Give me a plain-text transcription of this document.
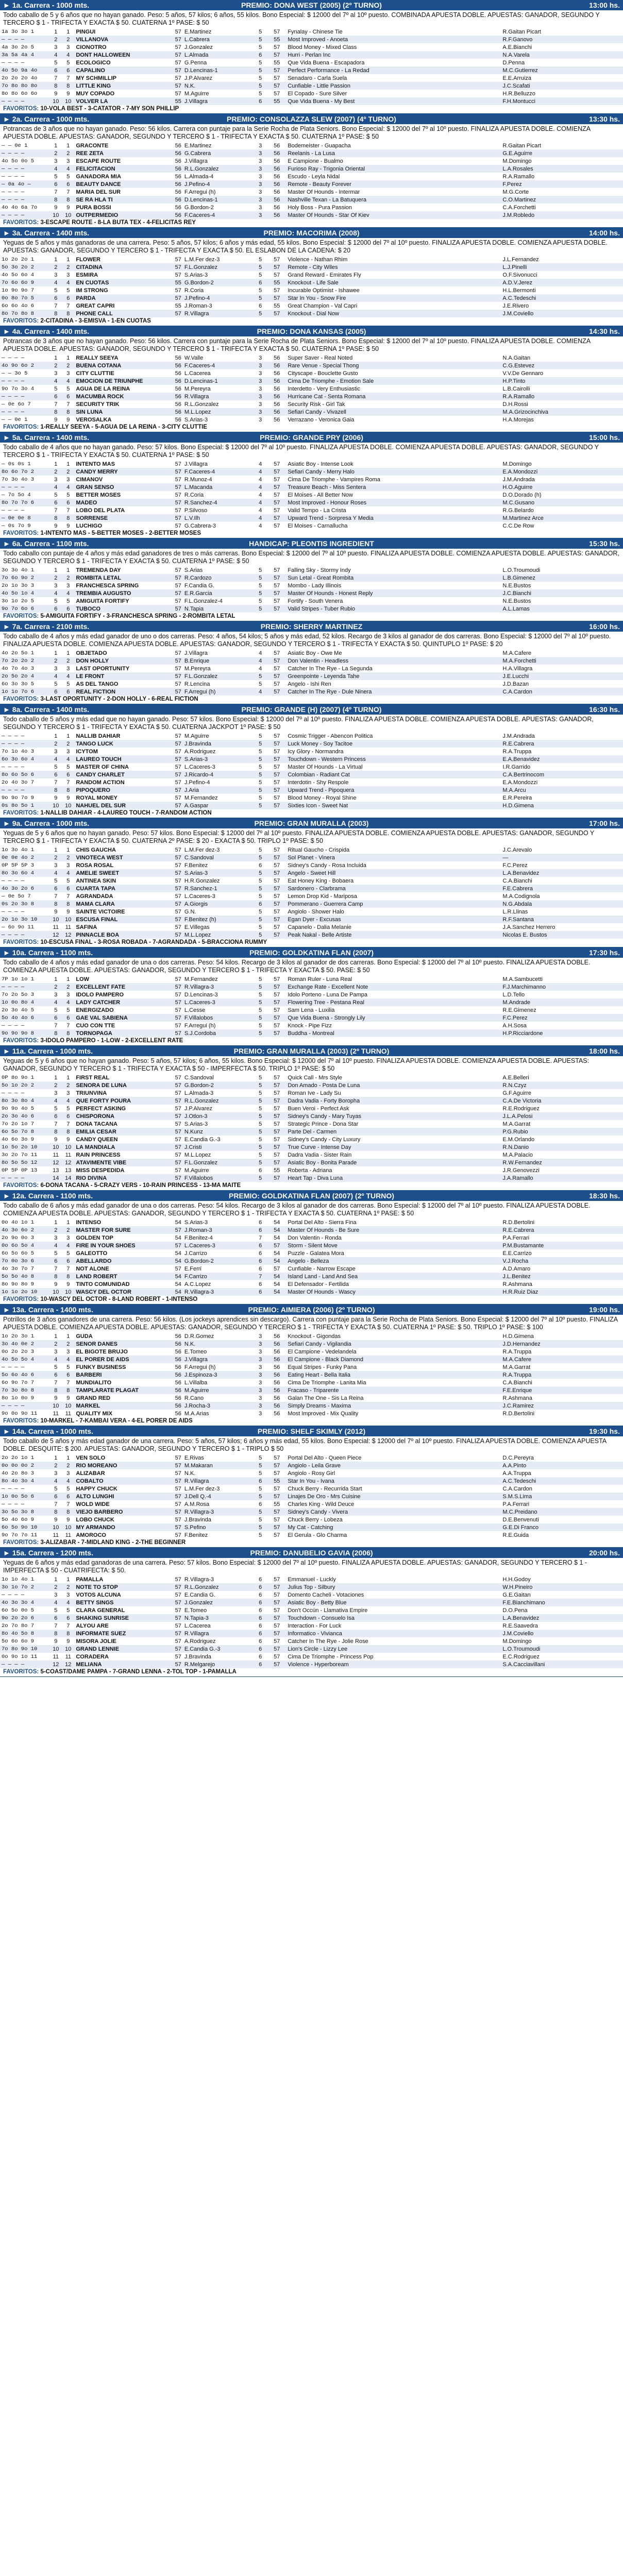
► 1a. Carrera - 1000 mts.	PREMIO: DONA WEST (2005) (2º TURNO)	13:00 hs.
Todo caballo de 5 y 6 años que no hayan ganado. Peso: 5 años, 57 kilos; 6 años, 55 kilos. Bono Especial: $ 12000 del 7º al 10º puesto. COMBINADA APUESTA DOBLE. APUESTAS: GANADOR, SEGUNDO Y TERCERO $ 1 - TRIFECTA Y EXACTA $ 50. CUATERNA 1º PASE: $ 50
1a 3o 3o 1	1	1	PINGUI	57	E.Martinez	5	57	Fynalay - Chinese Tie	R.Gaitan Picart
— — — —	2	2	VILLANOVA	57	L.Cabrera	5	55	Most Improved - Anoeta	R.F.Ganovo
4a 3o 2o 5	3	3	CIONOTRO	57	J.Gonzalez	5	57	Blood Money - Mixed Class	A.E.Bianchi
3a 5a 4a 4	4	4	DONT HALLOWEEN	57	L.Almada	6	57	Hurri - Perlan Inc	N.A.Varela
— — — —	5	5	ECOLOGICO	57	G.Penna	5	55	Que Vida Buena - Escapadora	D.Penna
4o 5o 9a 4o	6	6	CAPALINO	57	D.Lencinas-1	5	57	Perfect Performance - La Redad	M.C.Gutierrez
2o 2o 2o 4o	7	7	MY SCHMILLIP	57	J.P.Alvarez	5	57	Senadaro - Carla Suela	E.E.Arruiza
7o 8o 8o 8o	8	8	LITTLE KING	57	N.K.	5	57	Cunfiable - Little Passion	J.C.Scafati
8o 8o 6o 6o	9	9	MUY COPADO	57	M.Aguirre	5	57	El Copado - Sure Silver	H.R.Belluzzo
— — — —	10	10	VOLVER LA	55	J.Villagra	6	55	Que Vida Buena - My Best	F.H.Montucci
FAVORITOS: 10-VOLA BEST - 3-CATATOR - 7-MY SON PHILLIP
► 2a. Carrera - 1000 mts.	PREMIO: CONSOLAZZA SLEW (2007) (4º TURNO)	13:30 hs.
Potrancas de 3 años que no hayan ganado. Peso: 56 kilos. Carrera con puntaje para la Serie Rocha de Plata Seniors. Bono Especial: $ 12000 del 7º al 10º puesto. FINALIZA APUESTA DOBLE. COMIENZA APUESTA DOBLE. APUESTAS: GANADOR, SEGUNDO Y TERCERO $ 1 - TRIFECTA Y EXACTA $ 50. CUATERNA 1º PASE: $ 50
— — 0e 1	1	1	GRACONTE	56	E.Martinez	3	56	Bodemeister - Guapacha	R.Gaitan Picart
— — — —	2	2	REE ZETA	56	G.Cabrera	3	56	Reelanis - La Lusa	G.E.Aguirre
4o 5o 0o 5	3	3	ESCAPE ROUTE	56	J.Villagra	3	56	E Campione - Bualmo	M.Domingo
— — — —	4	4	FELICITACION	56	R.L.Gonzalez	3	56	Furioso Ray - Trigonia Oriental	L.A.Rosales
— — — —	5	5	GANADORA MIA	56	L.Almada-4	3	56	Escudo - Leyla Nidal	R.A.Ramallo
— 0a 4o —	6	6	BEAUTY DANCE	56	J.Pefino-4	3	56	Remote - Beauty Forever	F.Perez
— — — —	7	7	MARIA DEL SUR	56	F.Arregui (h)	3	56	Master Of Hounds - Intermar	M.G.Corte
— — — —	8	8	SE RA HLA TI	56	D.Lencinas-1	3	56	Nashville Texan - La Batuquera	C.O.Martinez
4o 4o 6a 7o	9	9	PURA BOSSI	56	G.Bordon-2	3	56	Holy Boss - Pura Passion	C.A.Forchetti
— — — —	10	10	OUTPERMEDIO	56	F.Caceres-4	3	56	Master Of Hounds - Star Of Kiev	J.M.Robledo
FAVORITOS: 3-ESCAPE ROUTE - 8-LA BUTA TEX - 4-FELICITAS REY
► 3a. Carrera - 1400 mts.	PREMIO: MACORIMA (2008)	14:00 hs.
Yeguas de 5 años y más ganadoras de una carrera. Peso: 5 años, 57 kilos; 6 años y más edad, 55 kilos. Bono Especial: $ 12000 del 7º al 10º puesto. FINALIZA APUESTA DOBLE. COMIENZA APUESTA DOBLE. APUESTAS: GANADOR, SEGUNDO Y TERCERO $ 1 - TRIFECTA Y EXACTA $ 50. EL ESLABON DE LA CADENA: $ 20
1o 2o 2o 1	1	1	FLOWER	57	L.M.Fer dez-3	5	57	Violence - Nathan Rhim	J.L.Fernandez
5o 3o 2o 2	2	2	CITADINA	57	F.L.Gonzalez	5	57	Remote - City Wiles	L.J.Pinelli
4o 5o 6o 4	3	3	ESMIRA	57	S.Arias-3	5	57	Grand Reward - Emirates Fly	O.F.Sivonucci
7o 6o 6o 9	4	4	EN CUOTAS	55	G.Bordon-2	6	55	Knockout - Life Sale	A.D.V.Jerez
1o 9o 9o 7	5	5	IM STRONG	57	R.Coria	5	57	Incurable Optimist - Ishawee	H.L.Bermonti
0o 8o 7o 5	6	6	PARDA	57	J.Pefino-4	5	57	Star In You - Snow Fire	A.C.Tedeschi
6o 6o 4o 6	7	7	GREAT CAPRI	55	J.Roman-3	6	55	Great Champion - Val Capri	J.E.Rivero
8o 7o 8o 8	8	8	PHONE CALL	57	R.Villagra	5	57	Knockout - Dial Now	J.M.Coviello
FAVORITOS: 2-CITADINA - 3-EMISVA - 1-EN CUOTAS
► 4a. Carrera - 1400 mts.	PREMIO: DONA KANSAS (2005)	14:30 hs.
Potrancas de 3 años que no hayan ganado. Peso: 56 kilos. Carrera con puntaje para la Serie Rocha de Plata Seniors. Bono Especial: $ 12000 del 7º al 10º puesto. FINALIZA APUESTA DOBLE. COMIENZA APUESTA DOBLE. APUESTAS: GANADOR, SEGUNDO Y TERCERO $ 1 - TRIFECTA Y EXACTA $ 50. CUATERNA 1º PASE: $ 50
— — — —	1	1	REALLY SEEYA	56	W.Valle	3	56	Super Saver - Real Noted	N.A.Gaitan
4o 9o 6o 2	2	2	BUENA COTANA	56	F.Caceres-4	3	56	Rare Venue - Special Thong	C.G.Estevez
— — 3o 5	3	3	CITY CLUTTIE	56	L.Cacerea	3	56	Cityscape - Bouclette Gusto	V.V.De Gennaro
— — — —	4	4	EMOCION DE TRIUNPHE	56	D.Lencinas-1	3	56	Cima De Triomphe - Emotion Sale	H.P.Tinto
9o 7o 3o 4	5	5	AGUA DE LA REINA	56	M.Pereyra	3	56	Interdetto - Very Enthusiastic	L.B.Cairolli
— — — —	6	6	MACUMBA ROCK	56	R.Villagra	3	56	Hurricane Cat - Senta Romana	R.A.Ramallo
— 0e 6o 7	7	7	SECURITY TRIK	56	R.L.Gonzalez	3	56	Security Risk - Girl Tak	D.H.Rossi
— — — —	8	8	SIN LUNA	56	M.L.Lopez	3	56	Sefiari Candy - Vivazell	M.A.Grizocinchiva
— — 0e 1	9	9	VEROSALKA	56	S.Arias-3	3	56	Verrazano - Veronica Gaia	H.A.Morejas
FAVORITOS: 1-REALLY SEEYA - 5-AGUA DE LA REINA - 3-CITY CLUTTIE
► 5a. Carrera - 1400 mts.	PREMIO: GRANDE PRY (2006)	15:00 hs.
Todo caballo de 4 años que no hayan ganado. Peso: 57 kilos. Bono Especial: $ 12000 del 7º al 10º puesto. FINALIZA APUESTA DOBLE. COMIENZA APUESTA DOBLE. APUESTAS: GANADOR, SEGUNDO Y TERCERO $ 1 - TRIFECTA Y EXACTA $ 50. CUATERNA 1º PASE: $ 50
— 0s 0s 1	1	1	INTENTO MAS	57	J.Villagra	4	57	Asiatic Boy - Intense Look	M.Domingo
8o 6o 7o 2	2	2	CANDY MERRY	57	F.Caceres-4	4	57	Sefiari Candy - Merry Halo	E.A.Mondozzi
7o 3o 4o 3	3	3	CIMANOV	57	R.Munoz-4	4	57	Cima De Triomphe - Vampires Roma	J.M.Andrada
— — — —	4	4	GRAN SENSO	57	L.Macanda	4	57	Treasure Beach - Miss Sentera	H.O.Aguirre
— 7o 5o 4	5	5	BETTER MOSES	57	R.Coria	4	57	El Moises - All Better Now	D.O.Dorado (h)
8o 7o 7o 6	6	6	MADEO	57	R.Sanchez-4	4	57	Most Improved - Honour Roses	M.C.Gusano
— — — —	7	7	LOBO DEL PLATA	57	P.Silvoso	4	57	Valid Tempo - La Crista	R.G.Belardo
— 0e 0e 8	8	8	SORRENSE	57	L.V.Ilh	4	57	Upward Trend - Sorpresa Y Media	M.Martinez Arce
— 0s 7o 9	9	9	LUCHIGO	57	G.Cabrera-3	4	57	El Moises - Carnallucha	C.C.De Row
FAVORITOS: 1-INTENTO MAS - 5-BETTER MOSES - 2-BETTER MOSES
► 6a. Carrera - 1100 mts.	HANDICAP: PLEONTIS INGREDIENT	15:30 hs.
Todo caballo con puntaje de 4 años y más edad ganadores de tres o más carreras. Bono Especial: $ 12000 del 7º al 10º puesto. FINALIZA APUESTA DOBLE. COMIENZA APUESTA DOBLE. APUESTAS: GANADOR, SEGUNDO Y TERCERO $ 1 - TRIFECTA Y EXACTA $ 50. CUATERNA 1º PASE: $ 50
3o 3o 4o 1	1	1	TREMENDA DAY	57	S.Arias	5	57	Falling Sky - Stormy Indy	L.O.Troumoudi
7o 6o 9o 2	2	2	ROMBITA LETAL	57	R.Cardozo	5	57	Sun Letal - Great Rombita	L.B.Gimenez
2o 1o 3o 3	3	3	FRANCHESCA SPRING	57	F.Candia G.	5	57	Mombo - Lady Illinois	N.E.Bustos
4o 5o 1o 4	4	4	TREMBIA AUGUSTO	57	E.R.Garcia	5	57	Master Of Hounds - Honest Reply	J.C.Bianchi
3o 1o 2o 5	5	5	AMIGUITA FORTIFY	57	F.L.Gonzalez-4	5	57	Fortify - South Venera	N.E.Bustos
9o 7o 6o 6	6	6	TUBOCO	57	N.Tapia	5	57	Valid Stripes - Tuber Rubio	A.L.Lamas
FAVORITOS: 5-AMIGUITA FORTIFY - 3-FRANCHESCA SPRING - 2-ROMBITA LETAL
► 7a. Carrera - 2100 mts.	PREMIO: SHERRY MARTINEZ	16:00 hs.
Todo caballo de 4 años y más edad ganador de uno o dos carreras. Peso: 4 años, 54 kilos; 5 años y más edad, 52 kilos. Recargo de 3 kilos al ganador de dos carreras. Bono Especial: $ 12000 del 7º al 10º puesto. FINALIZA APUESTA DOBLE. COMIENZA APUESTA DOBLE. APUESTAS: GANADOR, SEGUNDO Y TERCERO $ 1 - TRIFECTA Y EXACTA $ 50. QUINTUPLO 1º PASE: $ 20
4o 2o 5o 1	1	1	OBJETADO	57	J.Villagra	4	57	Asiatic Boy - Owe Me	M.A.Cafere
7o 2o 2o 2	2	2	DON HOLLY	57	B.Enrique	4	57	Don Valentin - Headless	M.A.Forchetti
4o 7o 4o 3	3	3	LAST OPORTUNITY	57	M.Pereyra	4	57	Catcher In The Rye - La Segunda	H.A.Villagra
2o 5o 2o 4	4	4	LE FRONT	57	F.L.Gonzalez	5	57	Greenpointe - Leyenda Tahe	J.E.Lucchi
6o 3o 3o 5	5	5	AS DEL TANGO	57	R.Lencina	5	57	Angelo - Ishi Ren	J.D.Bazan
1o 1o 7o 6	6	6	REAL FICTION	57	F.Arregui (h)	4	57	Catcher In The Rye - Dule Ninera	C.A.Cardon
FAVORITOS: 3-LAST OPORTUNITY - 2-DON HOLLY - 6-REAL FICTION
► 8a. Carrera - 1400 mts.	PREMIO: GRANDE (H) (2007) (4º TURNO)	16:30 hs.
Todo caballo de 5 años y más edad que no hayan ganado. Peso: 57 kilos. Bono Especial: $ 12000 del 7º al 10º puesto. FINALIZA APUESTA DOBLE. COMIENZA APUESTA DOBLE. APUESTAS: GANADOR, SEGUNDO Y TERCERO $ 1 - TRIFECTA Y EXACTA $ 50. CUATERNA JACKPOT 1º PASE: $ 50
— — — —	1	1	NALLIB DAHIAR	57	M.Aguirre	5	57	Cosmic Trigger - Abencon Politica	J.M.Andrada
— — — —	2	2	TANGO LUCK	57	J.Bravinda	5	57	Luck Money - Soy Tacitoe	R.E.Cabrera
7o 1o 4o 3	3	3	ICYTOM	57	A.Rodriguez	5	57	Icy Glory - Normandra	R.A.Truppa
6o 3o 6o 4	4	4	LAUREO TOUCH	57	S.Arias-3	5	57	Touchdown - Western Princess	E.A.Benavidez
— — — —	5	5	MASTER OF CHINA	57	L.Caceres-3	5	57	Master Of Hounds - La Virtual	I.R.Garrido
8o 6o 5o 6	6	6	CANDY CHARLET	57	J.Ricardo-4	5	57	Colombian - Radiant Cat	C.A.Bertrinocom
2o 4o 3o 7	7	7	RANDOM ACTION	57	J.Pefino-4	5	57	Interdotin - Shy Respole	E.A.Mondozzi
— — — —	8	8	PIPOQUERO	57	J.Aria	5	57	Upward Trend - Pipoquera	M.A.Arcu
9o 9o 7o 9	9	9	ROYAL MONEY	57	M.Fernandez	5	57	Blood Money - Royal Shine	E.R.Pereira
0s 8o 5o 1	10	10	NAHUEL DEL SUR	57	A.Gaspar	5	57	Sixties Icon - Sweet Nat	H.D.Gimena
FAVORITOS: 1-NALLIB DAHIAR - 4-LAUREO TOUCH - 7-RANDOM ACTION
► 9a. Carrera - 1000 mts.	PREMIO: GRAN MURALLA (2003)	17:00 hs.
Yeguas de 5 y 6 años que no hayan ganado. Peso: 57 kilos. Bono Especial: $ 12000 del 7º al 10º puesto. FINALIZA APUESTA DOBLE. COMIENZA APUESTA DOBLE. APUESTAS: GANADOR, SEGUNDO Y TERCERO $ 1 - TRIFECTA Y EXACTA $ 50. CUATERNA 2º PASE: $ 20 - EXACTA $ 50. TRIPLO 1º PASE: $ 50
1o 3o 4o 1	1	1	CHIS GAUCHA	57	L.M.Fer dez-3	5	57	Ritual Gaucho - Crispida	J.C.Arevalo
0e 0e 4o 2	2	2	VINOTECA WEST	57	C.Sandoval	5	57	Sol Planet - Vinera	—
0P 5P 5P 3	3	3	ROSA ROSAL	57	F.Benitez	6	57	Sidney's Candy - Rosa Incluida	F.C.Perez
8o 3o 6o 4	4	4	AMELIE SWEET	57	S.Arias-3	5	57	Angelo - Sweet Hill	L.A.Benavidez
— — — —	5	5	ANTINEA SKIN	57	H.R.Gonzalez	5	57	Eat Honey King - Bobaera	C.A.Bianchi
4o 3o 2o 6	6	6	CUARTA TAPA	57	R.Sanchez-1	5	57	Sardonero - Clarbrama	F.E.Cabrera
— 0e 5o 7	7	7	AGRANDADA	57	L.Caceres-3	5	57	Lemon Drop Kid - Mariposa	M.A.Codignola
0s 2o 3o 8	8	8	MAMA CLARA	57	A.Giorgis	6	57	Pommerano - Guerrera Camp	N.G.Abdala
— — — —	9	9	SAINTE VICTOIRE	57	G.N.	5	57	Angiolo - Shower Halo	L.R.Llinas
2o 1o 3o 10	10	10	ESCUSA FINAL	57	F.Benitez (h)	5	57	Egan Dyer - Excusas	R.F.Santana
— 6o 9o 11	11	11	SAFINA	57	E.Villegas	5	57	Capanelo - Dalia Melanie	J.A.Sanchez Herrero
— — — —	12	12	PINNACLE BOA	57	M.L.Lopez	5	57	Peak Nakal - Belle Artiste	Nicolas E. Bustos
FAVORITOS: 10-ESCUSA FINAL - 3-ROSA ROBADA - 7-AGRANDADA - 5-BRACCIONA RUMMY
► 10a. Carrera - 1100 mts.	PREMIO: GOLDKATINA FLAN (2007)	17:30 hs.
Todo caballo de 4 años y más edad ganador de una o dos carreras. Peso: 54 kilos. Recargo de 3 kilos al ganador de dos carreras. Bono Especial: $ 12000 del 7º al 10º puesto. FINALIZA APUESTA DOBLE. COMIENZA APUESTA DOBLE. APUESTAS: GANADOR, SEGUNDO Y TERCERO $ 1 - TRIFECTA Y EXACTA $ 50. PASE: $ 50
7P 1o 1o 1	1	1	LOW	57	M.Fernandez	5	57	Roman Ruler - Luna Real	M.A.Sambucetti
— — — —	2	2	EXCELLENT FATE	57	R.Villagra-3	5	57	Exchange Rate - Excellent Note	F.J.Marchimanno
7o 2o 5o 3	3	3	IDOLO PAMPERO	57	D.Lencinas-3	5	57	Idolo Porteno - Luna De Pampa	L.D.Tello
1o 0o 8o 4	4	4	LADY CATCHER	57	L.Caceres-3	5	57	Flowering Tree - Pestana Real	M.Andrade
2o 3o 4o 5	5	5	ENERGIZADO	57	L.Cesse	5	57	Sam Lena - Luxilia	R.E.Gimenez
5o 4o 4o 6	6	6	GAE VAL SABIENA	57	F.Villalobos	5	57	Que Vida Buena - Strongly Lily	F.C.Perez
— — — —	7	7	CUO CON TTE	57	F.Arregui (h)	5	57	Knock - Pipe Fizz	A.H.Sosa
9o 9o 9o 8	8	8	TORNOPAGA	57	S.J.Cordoba	5	57	Buddha - Montreal	H.P.Ricciardone
FAVORITOS: 3-IDOLO PAMPERO - 1-LOW - 2-EXCELLENT RATE
► 11a. Carrera - 1000 mts.	PREMIO: GRAN MURALLA (2003) (2º TURNO)	18:00 hs.
Yeguas de 5 y 6 años que no hayan ganado. Peso: 5 años, 57 kilos; 6 años, 55 kilos. Bono Especial: $ 12000 del 7º al 10º puesto. FINALIZA APUESTA DOBLE. COMIENZA APUESTA DOBLE. APUESTAS: GANADOR, SEGUNDO Y TERCERO $ 1 - TRIFECTA Y EXACTA $ 50 - IMPERFECTA $ 50. TRIPLO 1º PASE: $ 50
0P 8o 9o 1	1	1	FIRST REAL	57	C.Sandoval	5	57	Quick Call - Mrs Style	A.E.Belleri
5o 1o 2o 2	2	2	SENORA DE LUNA	57	G.Bordon-2	5	57	Don Amado - Posta De Luna	R.N.Czyz
— — — —	3	3	TRIUNVINA	57	L.Almada-3	5	57	Roman Ive - Lady Su	G.F.Aguirre
8o 3o 8o 4	4	4	QUE FORTY POURA	57	R.L.Gonzalez	5	57	Dadra Vadia - Forty Boropha	C.A.De Victoria
9o 9o 4o 5	5	5	PERFECT ASKING	57	J.P.Alvarez	5	57	Buen Veroi - Perfect Ask	R.E.Rodriguez
2o 3o 4o 6	6	6	CHISPORONA	57	J.Otlon-3	5	57	Sidney's Candy - Mary Tuyas	J.L.A.Pelosi
7o 2o 1o 7	7	7	DONA TACANA	57	S.Arias-3	5	57	Strategic Prince - Dona Star	M.A.Garrat
6o 5o 7o 8	8	8	EMILIA CESAR	57	N.Kunz	5	57	Parte Del - Carmen	P.G.Rubio
4o 6o 3o 9	9	9	CANDY QUEEN	57	E.Candia G.-3	5	57	Sidney's Candy - City Luxury	E.M.Orlando
1o 5o 2o 10	10	10	LA MANDIALA	57	J.Cristi	5	57	True Curve - Intense Day	R.N.Danio
3o 2o 7o 11	11	11	RAIN PRINCESS	57	M.L.Lopez	5	57	Dadra Vadia - Sister Rain	M.A.Palacio
8o 5o 5o 12	12	12	ATAVIMENTE VIBE	57	F.L.Gonzalez	5	57	Asiatic Boy - Bonita Parade	R.W.Fernandez
0P 5P 0P 13	13	13	MISS DESPEDIDA	57	M.Aguirre	6	55	Roberta - Adriana	J.R.Genovezzi
— — — —	14	14	RIO DIVINA	57	F.Villalobos	5	57	Heart Tap - Diva Luna	J.A.Ramallo
FAVORITOS: 6-DONA TACANA - 5-CRAZY VERS - 10-RAIN PRINCESS - 13-MA MAITE
► 12a. Carrera - 1100 mts.	PREMIO: GOLDKATINA FLAN (2007) (2º TURNO)	18:30 hs.
Todo caballo de 6 años y más edad ganador de una o dos carreras. Peso: 54 kilos. Recargo de 3 kilos al ganador de dos carreras. Bono Especial: $ 12000 del 7º al 10º puesto. FINALIZA APUESTA DOBLE. COMIENZA APUESTA DOBLE. APUESTAS: GANADOR, SEGUNDO Y TERCERO $ 1 - TRIFECTA Y EXACTA $ 50. CUATERNA 1º PASE: $ 50
0o 4o 1o 1	1	1	INTENSO	54	S.Arias-3	6	54	Portal Del Alto - Sierra Fina	R.D.Bertolini
4o 3o 6o 2	2	2	MASTER FOR SURE	57	J.Roman-3	6	54	Master Of Hounds - Be Sure	R.E.Cabrera
2o 9o 0o 3	3	3	GOLDEN TOP	54	F.Benitez-4	7	54	Don Valentin - Ronda	P.A.Ferrari
0o 6o 5o 4	4	4	FIRE IN YOUR SHOES	57	L.Caceres-3	6	57	Storm - Silent Move	P.M.Bustamante
6o 5o 6o 5	5	5	GALEOTTO	54	J.Carrizo	6	54	Puzzle - Galatea Mora	E.E.Carrizo
7o 0o 3o 6	6	6	ABELLARDO	54	G.Bordon-2	6	54	Angelo - Belleza	V.J.Rocha
4o 3o 7o 7	7	7	NOT ALONE	57	E.Ferri	6	57	Cunfiable - Narrow Escape	A.D.Amaro
5o 5o 4o 8	8	8	LAND ROBERT	54	F.Carrizo	7	54	Island Land - Land And Sea	J.L.Benitez
8o 9o 8o 9	9	9	TINTO COMUNIDAD	54	A.C.Lopez	6	54	El Defensador - Fertilida	R.Ashmana
1o 1o 2o 10	10	10	WASCY DEL OCTOR	54	R.Villagra-3	6	54	Master Of Hounds - Wascy	H.R.Ruiz Diaz
FAVORITOS: 10-WASCY DEL OCTOR - 8-LAND ROBERT - 1-INTENSO
► 13a. Carrera - 1400 mts.	PREMIO: AIMIERA (2006) (2º TURNO)	19:00 hs.
Potrillos de 3 años ganadores de una carrera. Peso: 56 kilos. (Los jockeys aprendices sin descargo). Carrera con puntaje para la Serie Rocha de Plata Seniors. Bono Especial: $ 12000 del 7º al 10º puesto. FINALIZA APUESTA DOBLE. COMIENZA APUESTA DOBLE. APUESTAS: GANADOR, SEGUNDO Y TERCERO $ 1 - TRIFECTA Y EXACTA $ 50. CUATERNA 1º PASE: $ 50. TRIPLO 1º PASE: $ 100
1o 2o 3o 1	1	1	GUDA	56	D.R.Gomez	3	56	Knockout - Gigondas	H.D.Gimena
3o 4o 0e 2	2	2	SENOR DANES	56	N.K.	3	56	Sefiari Candy - Vigilandia	J.D.Hernandez
0o 2o 2o 3	3	3	EL BIGOTE BRUJO	56	E.Tomeo	3	56	El Campione - Vedelandela	R.A.Truppa
4o 5o 5o 4	4	4	EL PORER DE AIDS	56	J.Villagra	3	56	El Campione - Black Diamond	M.A.Cafere
— — — —	5	5	FUNKY BUSINESS	56	F.Arregui (h)	3	56	Equal Stripes - Funky Pana	M.A.Garrat
5o 6o 4o 6	6	6	BARBERI	56	J.Espinoza-3	3	56	Eating Heart - Bella Italia	R.A.Truppa
6o 9o 7o 7	7	7	MUNDIALITO	56	L.Villalba	3	56	Cima De Triomphe - Lanita Mia	C.A.Bianchi
7o 3o 8o 8	8	8	TAMPLARATE PLAGAT	56	M.Aguirre	3	56	Fracaso - Triparente	F.E.Enrique
8o 1o 0o 9	9	9	GRAND RED	56	R.Cano	3	56	Galan The One - Sis La Reina	R.Ashmana
— — — —	10	10	MARKEL	56	J.Rocha-3	3	56	Simply Dreams - Maxima	J.C.Ramirez
9o 0o 9o 11	11	11	QUALITY MIX	56	M.A.Arias	3	56	Most Improved - Mix Quality	R.D.Bertolini
FAVORITOS: 10-MARKEL - 7-KAMBAI VERA - 4-EL PORER DE AIDS
► 14a. Carrera - 1000 mts.	PREMIO: SHELF SKIMLY (2012)	19:30 hs.
Todo caballo de 5 años y más edad ganador de una carrera. Peso: 5 años, 57 kilos; 6 años y más edad, 55 kilos. Bono Especial: $ 12000 del 7º al 10º puesto. FINALIZA APUESTA DOBLE. COMIENZA APUESTA DOBLE. DESQUITE: $ 200. APUESTAS: GANADOR, SEGUNDO Y TERCERO $ 1 - TRIPLO $ 50
2o 2o 1o 1	1	1	VEN SOLO	57	E.Rivas	5	57	Portal Del Alto - Queen Piece	D.C.Pereyra
0o 0o 0o 2	2	2	RIO MOREANO	57	M.Makaran	5	57	Angiolo - Leila Grave	A.A.Pinto
4o 2o 8o 3	3	3	ALIZABAR	57	N.K.	5	57	Angiolo - Rosy Girl	A.A.Truppa
8o 4o 3o 4	4	4	COBALTO	57	R.Villagra	6	55	Star In You - Ivana	A.C.Tedeschi
— — — —	5	5	HAPPY CHUCK	57	L.M.Fer dez-3	5	57	Chuck Berry - Recurrida Start	C.A.Cardon
1o 0o 5o 6	6	6	ALTO LUNGHI	57	J.Dell Q.-4	5	57	Linajes De Oro - Mrs Cuisine	S.M.S.Lima
— — — —	7	7	WOLD WIDE	57	A.M.Rosa	6	55	Charles King - Wild Deuce	P.A.Ferrari
3o 5o 3o 8	8	8	VIEJO BARBERO	57	R.Villagra-3	5	57	Sidney's Candy - Vivera	M.C.Preidano
5o 4o 6o 9	9	9	LOBO CHUCK	57	J.Bravinda	5	57	Chuck Berry - Lobeza	D.E.Benvenuti
6o 5o 9o 10	10	10	MY ARMANDO	57	S.Pefino	5	57	My Cat - Catching	G.E.Di Franco
9o 7o 7o 11	11	11	AMOROCO	57	F.Benitez	5	57	El Gerula - Glo Charma	R.E.Guida
FAVORITOS: 3-ALIZABAR - 7-MIDLAND KING - 2-THE BEGINNER
► 15a. Carrera - 1200 mts.	PREMIO: DANUBELIO GAVIA (2006)	20:00 hs.
Yeguas de 6 años y más edad ganadoras de una carrera. Peso: 57 kilos. Bono Especial: $ 12000 del 7º al 10º puesto. FINALIZA APUESTA DOBLE. APUESTAS: GANADOR, SEGUNDO Y TERCERO $ 1 - IMPERFECTA $ 50 - CUATRIFECTA: $ 50.
1o 1o 4o 1	1	1	PAMALLA	57	R.Villagra-3	6	57	Emmanuel - Luckly	H.H.Godoy
3o 1o 7o 2	2	2	NOTE TO STOP	57	R.L.Gonzalez	6	57	Julius Top - Silbury	W.H.Pineiro
— — — —	3	3	VOTOS ALCUNA	57	E.Candia G.	6	57	Domento Cacheli - Votaciones	G.E.Gaitan
4o 3o 3o 4	4	4	BETTY SINGS	57	J.Gonzalez	6	57	Asiatic Boy - Betty Blue	F.E.Bianchimano
6o 5o 0o 5	5	5	CLARA GENERAL	57	E.Tomeo	6	57	Don't Occún - Llamativa Empire	D.O.Pena
9o 2o 2o 6	6	6	SHAKING SUNRISE	57	N.Tapia-3	6	57	Touchdown - Consuelo Isa	L.A.Benavidez
2o 7o 8o 7	7	7	ALYOU ARE	57	L.Cacerea	6	57	Interaction - For Luck	R.E.Saavedra
8o 4o 5o 8	8	8	INFORMATE SUEZ	57	R.Villagra	6	57	Informatico - Vivianca	J.M.Coviello
5o 6o 6o 9	9	9	MISORA JOLIE	57	A.Rodriguez	6	57	Catcher In The Rye - Jolie Rose	M.Domingo
7o 8o 9o 10	10	10	GRAND LENNIE	57	E.Candia G.-3	6	57	Lion's Circle - Lizzy Lee	L.O.Troumoudi
0o 9o 1o 11	11	11	CORADERA	57	J.Bravinda	6	57	Cima De Triomphe - Princess Pop	E.C.Rodriguez
— — — —	12	12	MELIANA	57	R.Melgarejo	6	57	Violence - Hyperboream	S.A.Cacciavillani
FAVORITOS: 5-COAST/DAME PAMPA - 7-GRAND LENNA - 2-TOL TOP - 1-PAMALLA
